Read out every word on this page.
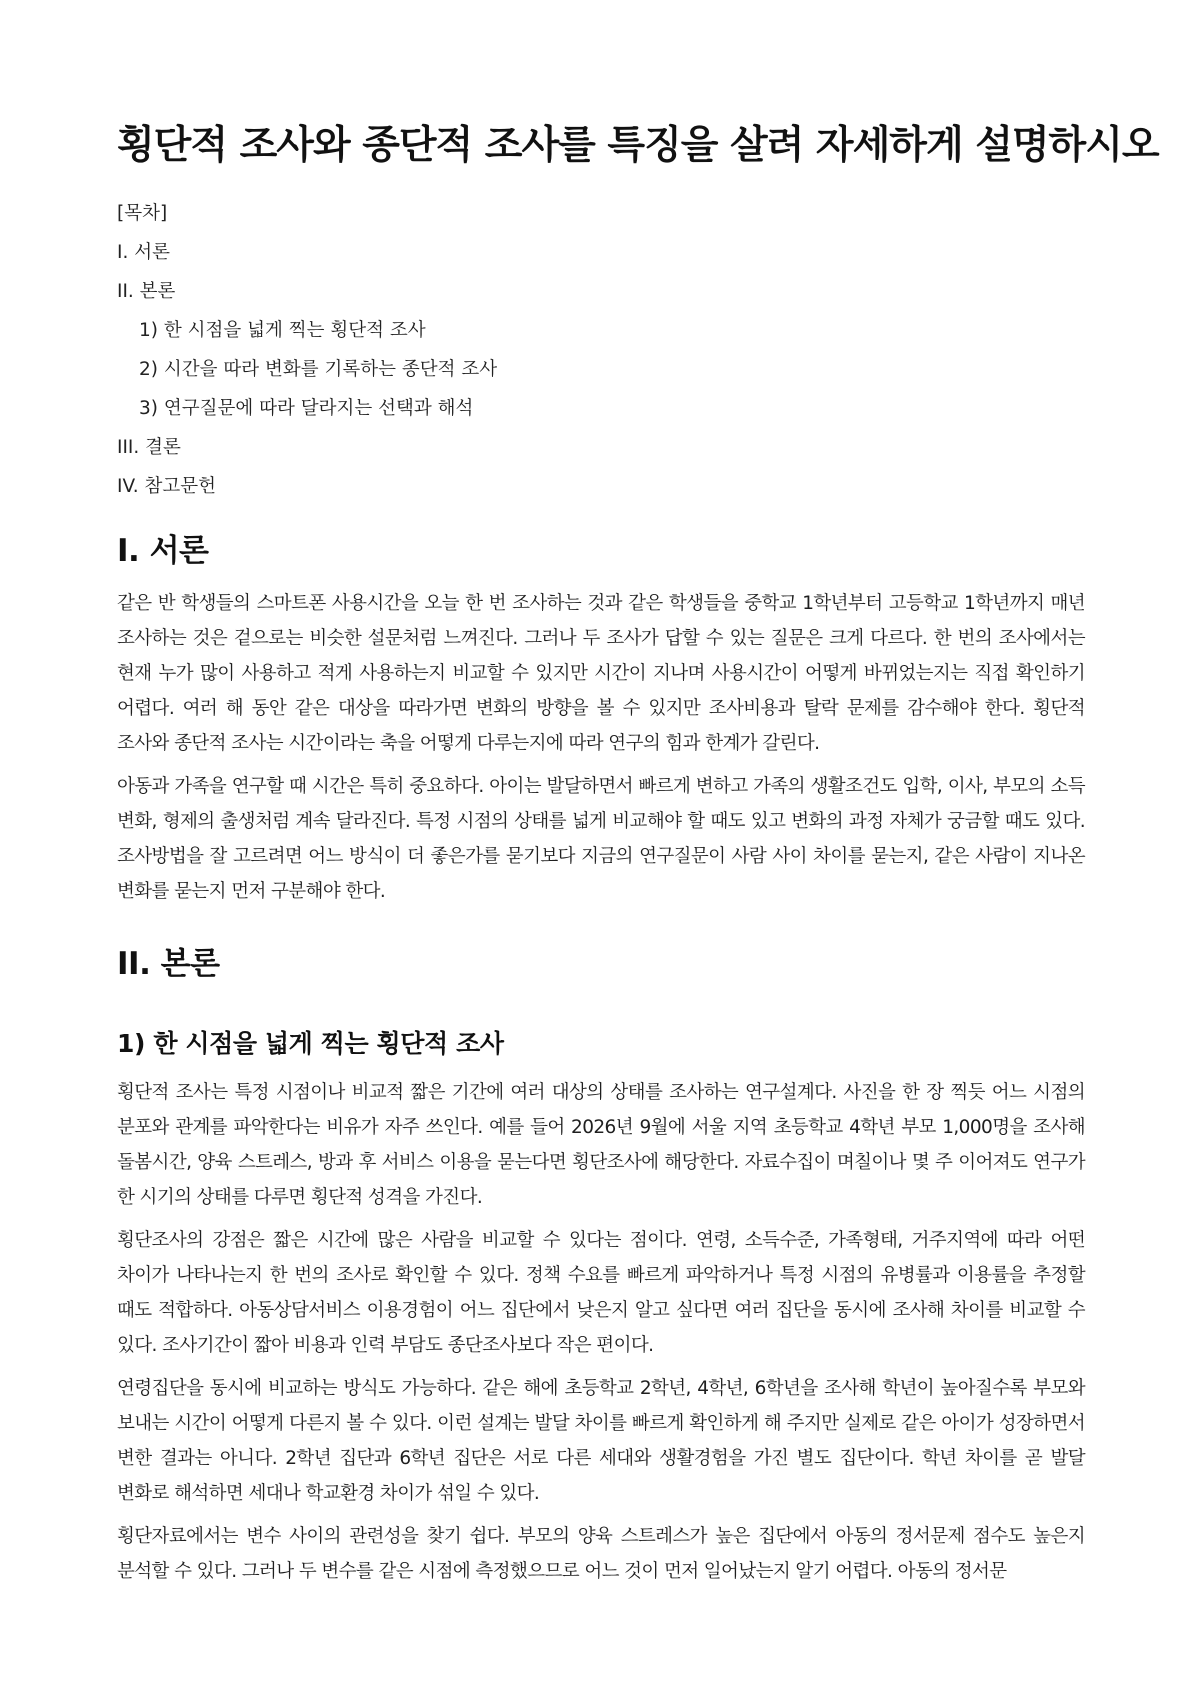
횡단적 조사와 종단적 조사를 특징을 살려 자세하게 설명하시오
[목차]
I. 서론
II. 본론
1) 한 시점을 넓게 찍는 횡단적 조사
2) 시간을 따라 변화를 기록하는 종단적 조사
3) 연구질문에 따라 달라지는 선택과 해석
III. 결론
IV. 참고문헌
I. 서론

같은 반 학생들의 스마트폰 사용시간을 오늘 한 번 조사하는 것과 같은 학생들을 중학교 1학년부터 고등학교 1학년까지 매년 조사하는 것은 겉으로는 비슷한 설문처럼 느껴진다. 그러나 두 조사가 답할 수 있는 질문은 크게 다르다. 한 번의 조사에서는 현재 누가 많이 사용하고 적게 사용하는지 비교할 수 있지만 시간이 지나며 사용시간이 어떻게 바뀌었는지는 직접 확인하기 어렵다. 여러 해 동안 같은 대상을 따라가면 변화의 방향을 볼 수 있지만 조사비용과 탈락 문제를 감수해야 한다. 횡단적 조사와 종단적 조사는 시간이라는 축을 어떻게 다루는지에 따라 연구의 힘과 한계가 갈린다.

아동과 가족을 연구할 때 시간은 특히 중요하다. 아이는 발달하면서 빠르게 변하고 가족의 생활조건도 입학, 이사, 부모의 소득 변화, 형제의 출생처럼 계속 달라진다. 특정 시점의 상태를 넓게 비교해야 할 때도 있고 변화의 과정 자체가 궁금할 때도 있다. 조사방법을 잘 고르려면 어느 방식이 더 좋은가를 묻기보다 지금의 연구질문이 사람 사이 차이를 묻는지, 같은 사람이 지나온 변화를 묻는지 먼저 구분해야 한다.

II. 본론
1) 한 시점을 넓게 찍는 횡단적 조사

횡단적 조사는 특정 시점이나 비교적 짧은 기간에 여러 대상의 상태를 조사하는 연구설계다. 사진을 한 장 찍듯 어느 시점의 분포와 관계를 파악한다는 비유가 자주 쓰인다. 예를 들어 2026년 9월에 서울 지역 초등학교 4학년 부모 1,000명을 조사해 돌봄시간, 양육 스트레스, 방과 후 서비스 이용을 묻는다면 횡단조사에 해당한다. 자료수집이 며칠이나 몇 주 이어져도 연구가 한 시기의 상태를 다루면 횡단적 성격을 가진다.

횡단조사의 강점은 짧은 시간에 많은 사람을 비교할 수 있다는 점이다. 연령, 소득수준, 가족형태, 거주지역에 따라 어떤 차이가 나타나는지 한 번의 조사로 확인할 수 있다. 정책 수요를 빠르게 파악하거나 특정 시점의 유병률과 이용률을 추정할 때도 적합하다. 아동상담서비스 이용경험이 어느 집단에서 낮은지 알고 싶다면 여러 집단을 동시에 조사해 차이를 비교할 수 있다. 조사기간이 짧아 비용과 인력 부담도 종단조사보다 작은 편이다.

연령집단을 동시에 비교하는 방식도 가능하다. 같은 해에 초등학교 2학년, 4학년, 6학년을 조사해 학년이 높아질수록 부모와 보내는 시간이 어떻게 다른지 볼 수 있다. 이런 설계는 발달 차이를 빠르게 확인하게 해 주지만 실제로 같은 아이가 성장하면서 변한 결과는 아니다. 2학년 집단과 6학년 집단은 서로 다른 세대와 생활경험을 가진 별도 집단이다. 학년 차이를 곧 발달 변화로 해석하면 세대나 학교환경 차이가 섞일 수 있다.

횡단자료에서는 변수 사이의 관련성을 찾기 쉽다. 부모의 양육 스트레스가 높은 집단에서 아동의 정서문제 점수도 높은지 분석할 수 있다. 그러나 두 변수를 같은 시점에 측정했으므로 어느 것이 먼저 일어났는지 알기 어렵다. 아동의 정서문
